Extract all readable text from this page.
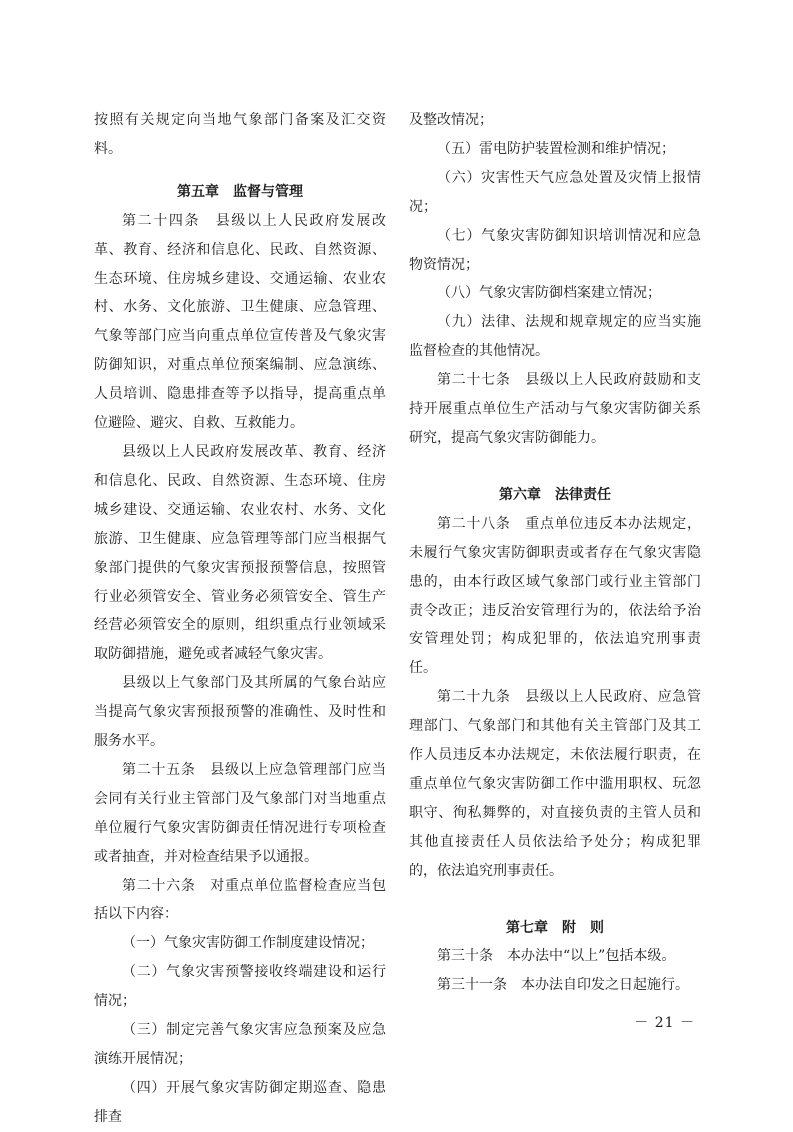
按照有关规定向当地气象部门备案及汇交资料。

第五章　监督与管理

第二十四条　县级以上人民政府发展改革、教育、经济和信息化、民政、自然资源、生态环境、住房城乡建设、交通运输、农业农村、水务、文化旅游、卫生健康、应急管理、气象等部门应当向重点单位宣传普及气象灾害防御知识，对重点单位预案编制、应急演练、人员培训、隐患排查等予以指导，提高重点单位避险、避灾、自救、互救能力。

县级以上人民政府发展改革、教育、经济和信息化、民政、自然资源、生态环境、住房城乡建设、交通运输、农业农村、水务、文化旅游、卫生健康、应急管理等部门应当根据气象部门提供的气象灾害预报预警信息，按照管行业必须管安全、管业务必须管安全、管生产经营必须管安全的原则，组织重点行业领域采取防御措施，避免或者减轻气象灾害。

县级以上气象部门及其所属的气象台站应当提高气象灾害预报预警的准确性、及时性和服务水平。

第二十五条　县级以上应急管理部门应当会同有关行业主管部门及气象部门对当地重点单位履行气象灾害防御责任情况进行专项检查或者抽查，并对检查结果予以通报。

第二十六条　对重点单位监督检查应当包括以下内容：

（一）气象灾害防御工作制度建设情况；

（二）气象灾害预警接收终端建设和运行情况；

（三）制定完善气象灾害应急预案及应急演练开展情况；

（四）开展气象灾害防御定期巡查、隐患排查

及整改情况；

（五）雷电防护装置检测和维护情况；

（六）灾害性天气应急处置及灾情上报情况；

（七）气象灾害防御知识培训情况和应急物资情况；

（八）气象灾害防御档案建立情况；

（九）法律、法规和规章规定的应当实施监督检查的其他情况。

第二十七条　县级以上人民政府鼓励和支持开展重点单位生产活动与气象灾害防御关系研究，提高气象灾害防御能力。

第六章　法律责任

第二十八条　重点单位违反本办法规定，未履行气象灾害防御职责或者存在气象灾害隐患的，由本行政区域气象部门或行业主管部门责令改正；违反治安管理行为的，依法给予治安管理处罚；构成犯罪的，依法追究刑事责任。

第二十九条　县级以上人民政府、应急管理部门、气象部门和其他有关主管部门及其工作人员违反本办法规定，未依法履行职责，在重点单位气象灾害防御工作中滥用职权、玩忽职守、徇私舞弊的，对直接负责的主管人员和其他直接责任人员依法给予处分；构成犯罪的，依法追究刑事责任。

第七章　附　则

第三十条　本办法中“以上”包括本级。

第三十一条　本办法自印发之日起施行。

－ 21 －
